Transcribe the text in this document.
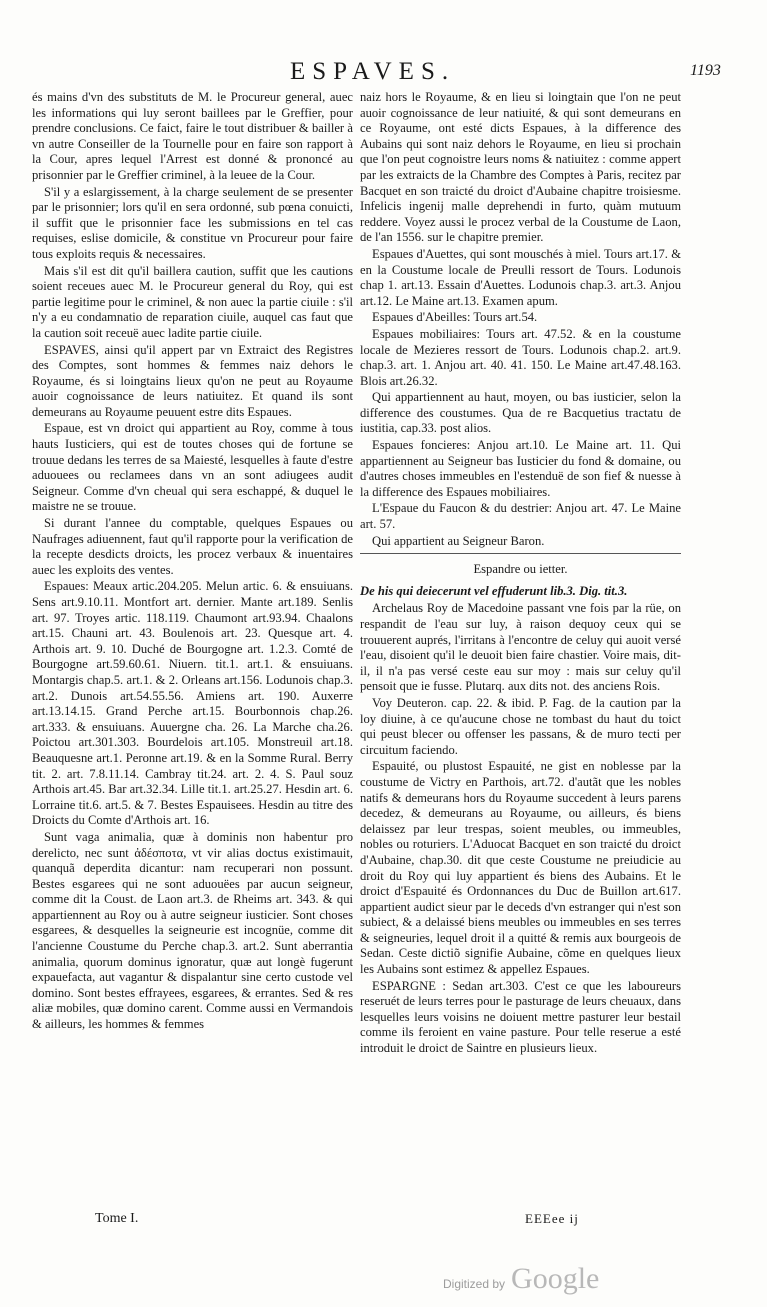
ESPAVES.	1193

és mains d'vn des substituts de M. le Procureur general, auec les informations qui luy seront baillees par le Greffier, pour prendre conclusions. Ce faict, faire le tout distribuer & bailler à vn autre Conseiller de la Tournelle pour en faire son rapport à la Cour, apres lequel l'Arrest est donné & prononcé au prisonnier par le Greffier criminel, à la leuee de la Cour.

S'il y a eslargissement, à la charge seulement de se presenter par le prisonnier; lors qu'il en sera ordonné, sub pœna conuicti, il suffit que le prisonnier face les submissions en tel cas requises, eslise domicile, & constitue vn Procureur pour faire tous exploits requis & necessaires.

Mais s'il est dit qu'il baillera caution, suffit que les cautions soient receues auec M. le Procureur general du Roy, qui est partie legitime pour le criminel, & non auec la partie ciuile : s'il n'y a eu condamnatio de reparation ciuile, auquel cas faut que la caution soit receuë auec ladite partie ciuile.

ESPAVES, ainsi qu'il appert par vn Extraict des Registres des Comptes, sont hommes & femmes naiz dehors le Royaume, és si loingtains lieux qu'on ne peut au Royaume auoir cognoissance de leurs natiuitez. Et quand ils sont demeurans au Royaume peuuent estre dits Espaues.

Espaue, est vn droict qui appartient au Roy, comme à tous hauts Iusticiers, qui est de toutes choses qui de fortune se trouue dedans les terres de sa Maiesté, lesquelles à faute d'estre aduouees ou reclamees dans vn an sont adiugees audit Seigneur. Comme d'vn cheual qui sera eschappé, & duquel le maistre ne se trouue.

Si durant l'annee du comptable, quelques Espaues ou Naufrages adiuennent, faut qu'il rapporte pour la verification de la recepte desdicts droicts, les procez verbaux & inuentaires auec les exploits des ventes.

Espaues: Meaux artic.204.205. Melun artic. 6. & ensuiuans. Sens art.9.10.11. Montfort art. dernier. Mante art.189. Senlis art. 97. Troyes artic. 118.119. Chaumont art.93.94. Chaalons art.15. Chauni art. 43. Boulenois art. 23. Quesque art. 4. Arthois art. 9. 10. Duché de Bourgogne art. 1.2.3. Comté de Bourgogne art.59.60.61. Niuern. tit.1. art.1. & ensuiuans. Montargis chap.5. art.1. & 2. Orleans art.156. Lodunois chap.3. art.2. Dunois art.54.55.56. Amiens art. 190. Auxerre art.13.14.15. Grand Perche art.15. Bourbonnois chap.26. art.333. & ensuiuans. Auuergne cha. 26. La Marche cha.26. Poictou art.301.303. Bourdelois art.105. Monstreuil art.18. Beauquesne art.1. Peronne art.19. & en la Somme Rural. Berry tit. 2. art. 7.8.11.14. Cambray tit.24. art. 2. 4. S. Paul souz Arthois art.45. Bar art.32.34. Lille tit.1. art.25.27. Hesdin art. 6. Lorraine tit.6. art.5. & 7. Bestes Espauisees. Hesdin au titre des Droicts du Comte d'Arthois art. 16.

Sunt vaga animalia, quæ à dominis non habentur pro derelicto, nec sunt ἀδέσποτα, vt vir alias doctus existimauit, quanquã deperdita dicantur: nam recuperari non possunt. Bestes esgarees qui ne sont aduouëes par aucun seigneur, comme dit la Coust. de Laon art.3. de Rheims art. 343. & qui appartiennent au Roy ou à autre seigneur iusticier. Sont choses esgarees, & desquelles la seigneurie est incognüe, comme dit l'ancienne Coustume du Perche chap.3. art.2. Sunt aberrantia animalia, quorum dominus ignoratur, quæ aut longè fugerunt expauefacta, aut vagantur & dispalantur sine certo custode vel domino. Sont bestes effrayees, esgarees, & errantes. Sed & res aliæ mobiles, quæ domino carent. Comme aussi en Vermandois & ailleurs, les hommes & femmes

naiz hors le Royaume, & en lieu si loingtain que l'on ne peut auoir cognoissance de leur natiuité, & qui sont demeurans en ce Royaume, ont esté dicts Espaues, à la difference des Aubains qui sont naiz dehors le Royaume, en lieu si prochain que l'on peut cognoistre leurs noms & natiuitez : comme appert par les extraicts de la Chambre des Comptes à Paris, recitez par Bacquet en son traicté du droict d'Aubaine chapitre troisiesme. Infelicis ingenij malle deprehendi in furto, quàm mutuum reddere. Voyez aussi le procez verbal de la Coustume de Laon, de l'an 1556. sur le chapitre premier.

Espaues d'Auettes, qui sont mouschés à miel. Tours art.17. & en la Coustume locale de Preulli ressort de Tours. Lodunois chap 1. art.13. Essain d'Auettes. Lodunois chap.3. art.3. Anjou art.12. Le Maine art.13. Examen apum.

Espaues d'Abeilles: Tours art.54.

Espaues mobiliaires: Tours art. 47.52. & en la coustume locale de Mezieres ressort de Tours. Lodunois chap.2. art.9. chap.3. art. 1. Anjou art. 40. 41. 150. Le Maine art.47.48.163. Blois art.26.32.

Qui appartiennent au haut, moyen, ou bas iusticier, selon la difference des coustumes. Qua de re Bacquetius tractatu de iustitia, cap.33. post alios.

Espaues foncieres: Anjou art.10. Le Maine art. 11. Qui appartiennent au Seigneur bas Iusticier du fond & domaine, ou d'autres choses immeubles en l'estenduë de son fief & nuesse à la difference des Espaues mobiliaires.

L'Espaue du Faucon & du destrier: Anjou art. 47. Le Maine art. 57.

Qui appartient au Seigneur Baron.

Espandre ou ietter.

De his qui deiecerunt vel effuderunt lib.3. Dig. tit.3.

Archelaus Roy de Macedoine passant vne fois par la rüe, on respandit de l'eau sur luy, à raison dequoy ceux qui se trouuerent auprés, l'irritans à l'encontre de celuy qui auoit versé l'eau, disoient qu'il le deuoit bien faire chastier. Voire mais, dit-il, il n'a pas versé ceste eau sur moy : mais sur celuy qu'il pensoit que ie fusse. Plutarq. aux dits not. des anciens Rois.

Voy Deuteron. cap. 22. & ibid. P. Fag. de la caution par la loy diuine, à ce qu'aucune chose ne tombast du haut du toict qui peust blecer ou offenser les passans, & de muro tecti per circuitum faciendo.

Espauité, ou plustost Espauité, ne gist en noblesse par la coustume de Victry en Parthois, art.72. d'autãt que les nobles natifs & demeurans hors du Royaume succedent à leurs parens decedez, & demeurans au Royaume, ou ailleurs, és biens delaissez par leur trespas, soient meubles, ou immeubles, nobles ou roturiers. L'Aduocat Bacquet en son traicté du droict d'Aubaine, chap.30. dit que ceste Coustume ne preiudicie au droit du Roy qui luy appartient és biens des Aubains. Et le droict d'Espauité és Ordonnances du Duc de Buillon art.617. appartient audict sieur par le deceds d'vn estranger qui n'est son subiect, & a delaissé biens meubles ou immeubles en ses terres & seigneuries, lequel droit il a quitté & remis aux bourgeois de Sedan. Ceste dictiõ signifie Aubaine, cõme en quelques lieux les Aubains sont estimez & appellez Espaues.

ESPARGNE : Sedan art.303. C'est ce que les laboureurs reseruét de leurs terres pour le pasturage de leurs cheuaux, dans lesquelles leurs voisins ne doiuent mettre pasturer leur bestail comme ils feroient en vaine pasture. Pour telle reserue a esté introduit le droict de Saintre en plusieurs lieux.

Tome I.	EEEee ij
Digitized by Google
